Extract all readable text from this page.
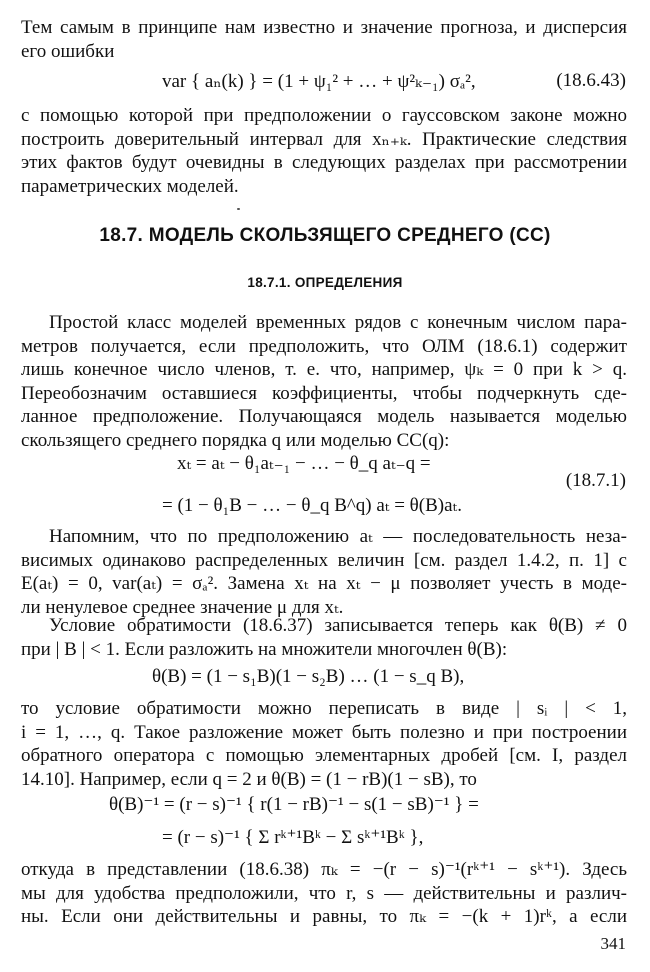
Тем самым в принципе нам известно и значение прогноза, и дисперсия
его ошибки

var { aₙ(k) } = (1 + ψ₁² + … + ψ²ₖ₋₁) σₐ²,	(18.6.43)

с помощью которой при предположении о гауссовском законе можно
построить доверительный интервал для xₙ₊ₖ. Практические следствия
этих фактов будут очевидны в следующих разделах при рассмотрении
параметрических моделей.

18.7. МОДЕЛЬ СКОЛЬЗЯЩЕГО СРЕДНЕГО (СС)
18.7.1. ОПРЕДЕЛЕНИЯ

Простой класс моделей временных рядов с конечным числом пара-
метров получается, если предположить, что ОЛМ (18.6.1) содержит
лишь конечное число членов, т. е. что, например, ψₖ = 0 при k > q.
Переобозначим оставшиеся коэффициенты, чтобы подчеркнуть сде-
ланное предположение. Получающаяся модель называется моделью
скользящего среднего порядка q или моделью СС(q):

xₜ = aₜ − θ₁aₜ₋₁ − … − θ_q aₜ₋q =
(18.7.1)
= (1 − θ₁B − … − θ_q B^q) aₜ = θ(B)aₜ.

Напомним, что по предположению aₜ — последовательность неза-
висимых одинаково распределенных величин [см. раздел 1.4.2, п. 1] с
E(aₜ) = 0, var(aₜ) = σₐ². Замена xₜ на xₜ − μ позволяет учесть в моде-
ли ненулевое среднее значение μ для xₜ.

Условие обратимости (18.6.37) записывается теперь как θ(B) ≠ 0
при | B | < 1. Если разложить на множители многочлен θ(B):

θ(B) = (1 − s₁B)(1 − s₂B) … (1 − s_q B),

то условие обратимости можно переписать в виде | sᵢ | < 1,
i = 1, …, q. Такое разложение может быть полезно и при построении
обратного оператора с помощью элементарных дробей [см. I, раздел
14.10]. Например, если q = 2 и θ(B) = (1 − rB)(1 − sB), то

θ(B)⁻¹ = (r − s)⁻¹ { r(1 − rB)⁻¹ − s(1 − sB)⁻¹ } =
= (r − s)⁻¹ { Σ rᵏ⁺¹Bᵏ − Σ sᵏ⁺¹Bᵏ },

откуда в представлении (18.6.38) πₖ = −(r − s)⁻¹(rᵏ⁺¹ − sᵏ⁺¹). Здесь
мы для удобства предположили, что r, s — действительны и различ-
ны. Если они действительны и равны, то πₖ = −(k + 1)rᵏ, а если

341
